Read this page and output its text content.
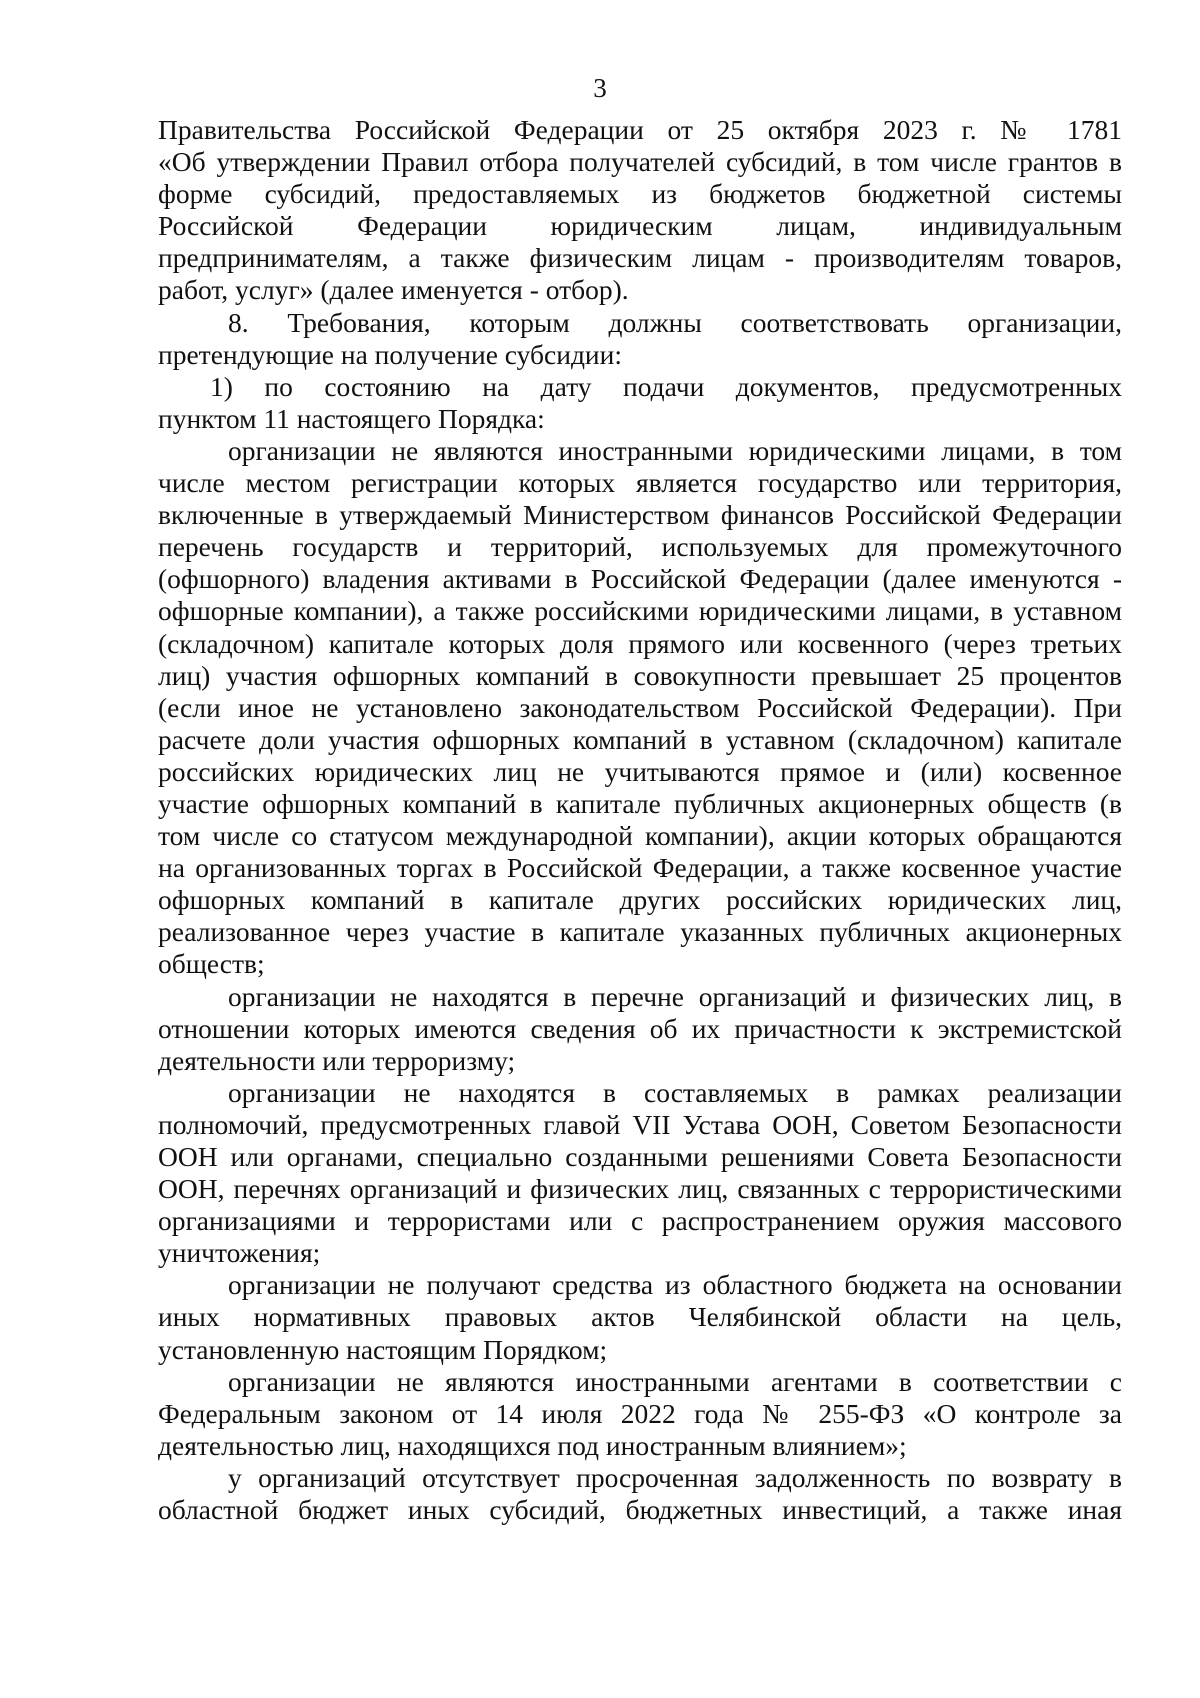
3
Правительства Российской Федерации от 25 октября 2023 г. № 1781
«Об утверждении Правил отбора получателей субсидий, в том числе грантов в
форме субсидий, предоставляемых из бюджетов бюджетной системы
Российской Федерации юридическим лицам, индивидуальным
предпринимателям, а также физическим лицам - производителям товаров,
работ, услуг» (далее именуется - отбор).
8. Требования, которым должны соответствовать организации,
претендующие на получение субсидии:
1) по состоянию на дату подачи документов, предусмотренных
пунктом 11 настоящего Порядка:
организации не являются иностранными юридическими лицами, в том
числе местом регистрации которых является государство или территория,
включенные в утверждаемый Министерством финансов Российской Федерации
перечень государств и территорий, используемых для промежуточного
(офшорного) владения активами в Российской Федерации (далее именуются -
офшорные компании), а также российскими юридическими лицами, в уставном
(складочном) капитале которых доля прямого или косвенного (через третьих
лиц) участия офшорных компаний в совокупности превышает 25 процентов
(если иное не установлено законодательством Российской Федерации). При
расчете доли участия офшорных компаний в уставном (складочном) капитале
российских юридических лиц не учитываются прямое и (или) косвенное
участие офшорных компаний в капитале публичных акционерных обществ (в
том числе со статусом международной компании), акции которых обращаются
на организованных торгах в Российской Федерации, а также косвенное участие
офшорных компаний в капитале других российских юридических лиц,
реализованное через участие в капитале указанных публичных акционерных
обществ;
организации не находятся в перечне организаций и физических лиц, в
отношении которых имеются сведения об их причастности к экстремистской
деятельности или терроризму;
организации не находятся в составляемых в рамках реализации
полномочий, предусмотренных главой VII Устава ООН, Советом Безопасности
ООН или органами, специально созданными решениями Совета Безопасности
ООН, перечнях организаций и физических лиц, связанных с террористическими
организациями и террористами или с распространением оружия массового
уничтожения;
организации не получают средства из областного бюджета на основании
иных нормативных правовых актов Челябинской области на цель,
установленную настоящим Порядком;
организации не являются иностранными агентами в соответствии с
Федеральным законом от 14 июля 2022 года № 255-ФЗ «О контроле за
деятельностью лиц, находящихся под иностранным влиянием»;
у организаций отсутствует просроченная задолженность по возврату в
областной бюджет иных субсидий, бюджетных инвестиций, а также иная
